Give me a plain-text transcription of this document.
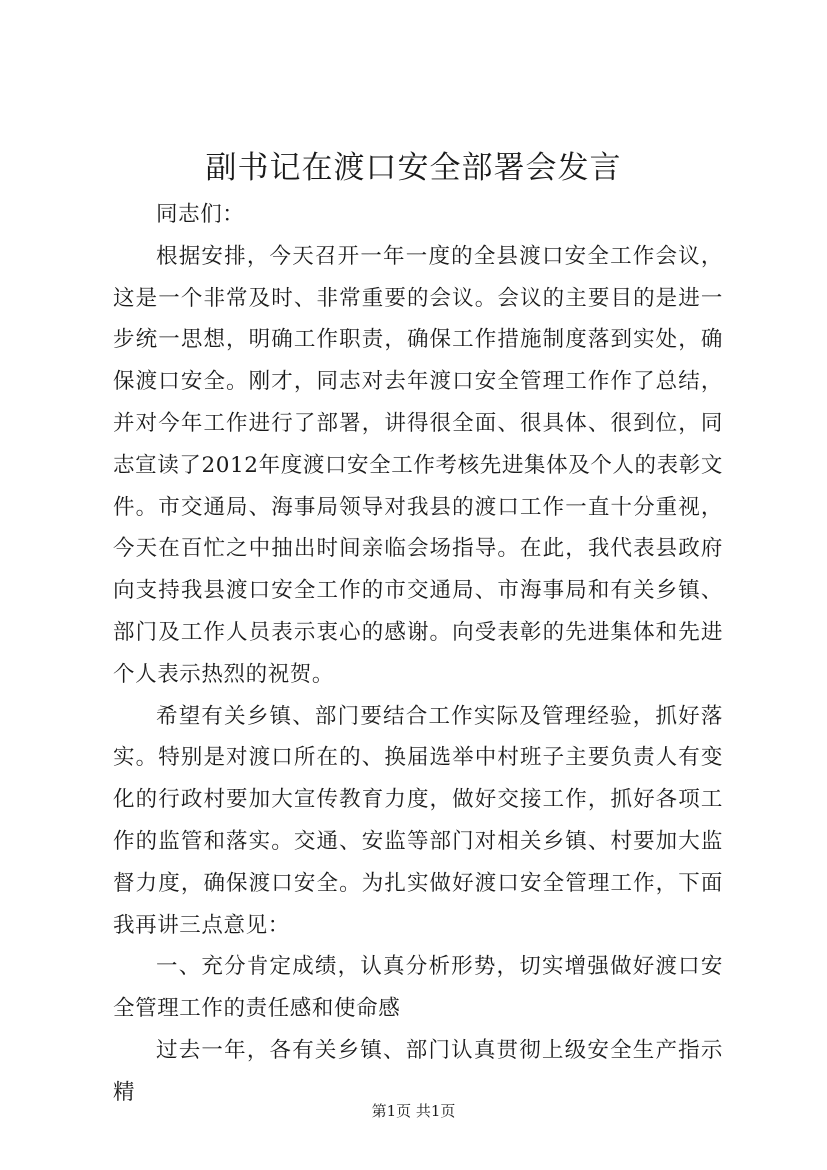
副书记在渡口安全部署会发言

同志们：

根据安排，今天召开一年一度的全县渡口安全工作会议，这是一个非常及时、非常重要的会议。会议的主要目的是进一步统一思想，明确工作职责，确保工作措施制度落到实处，确保渡口安全。刚才，同志对去年渡口安全管理工作作了总结，并对今年工作进行了部署，讲得很全面、很具体、很到位，同志宣读了2012年度渡口安全工作考核先进集体及个人的表彰文件。市交通局、海事局领导对我县的渡口工作一直十分重视，今天在百忙之中抽出时间亲临会场指导。在此，我代表县政府向支持我县渡口安全工作的市交通局、市海事局和有关乡镇、部门及工作人员表示衷心的感谢。向受表彰的先进集体和先进个人表示热烈的祝贺。

希望有关乡镇、部门要结合工作实际及管理经验，抓好落实。特别是对渡口所在的、换届选举中村班子主要负责人有变化的行政村要加大宣传教育力度，做好交接工作，抓好各项工作的监管和落实。交通、安监等部门对相关乡镇、村要加大监督力度，确保渡口安全。为扎实做好渡口安全管理工作，下面我再讲三点意见：

一、充分肯定成绩，认真分析形势，切实增强做好渡口安全管理工作的责任感和使命感

过去一年，各有关乡镇、部门认真贯彻上级安全生产指示精

第1页 共1页
